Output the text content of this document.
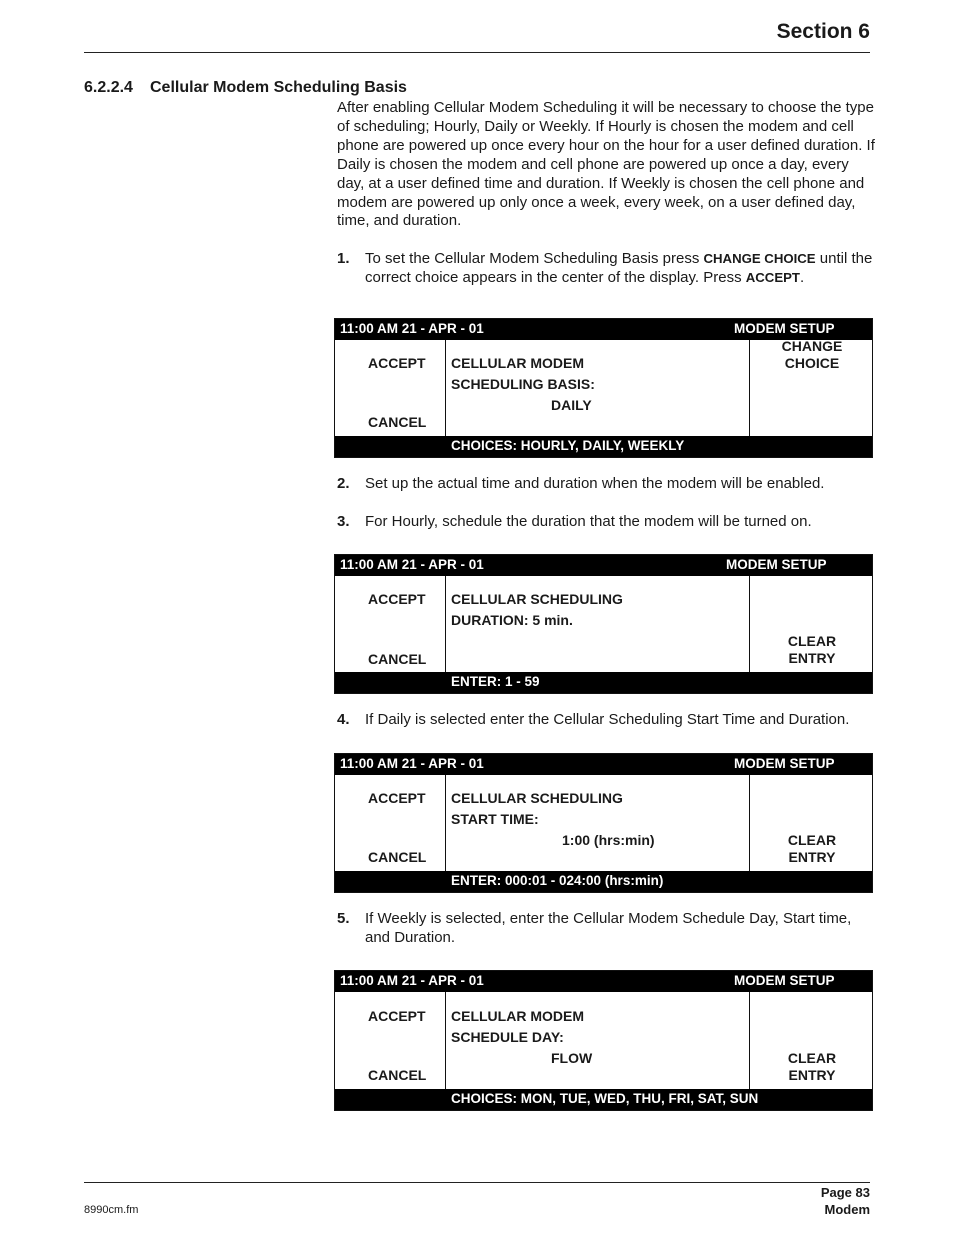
Section 6
6.2.2.4 Cellular Modem Scheduling Basis
After enabling Cellular Modem Scheduling it will be necessary to choose the type of scheduling; Hourly, Daily or Weekly. If Hourly is chosen the modem and cell phone are powered up once every hour on the hour for a user defined duration. If Daily is chosen the modem and cell phone are powered up once a day, every day, at a user defined time and duration. If Weekly is chosen the cell phone and modem are powered up only once a week, every week, on a user defined day, time, and duration.
1. To set the Cellular Modem Scheduling Basis press CHANGE CHOICE until the correct choice appears in the center of the display. Press ACCEPT.
11:00 AM 21 - APR - 01	MODEM SETUP
ACCEPT
CANCEL
CELLULAR MODEM
SCHEDULING BASIS:
DAILY
CHANGE
CHOICE
CHOICES: HOURLY, DAILY, WEEKLY
2. Set up the actual time and duration when the modem will be enabled.
3. For Hourly, schedule the duration that the modem will be turned on.
11:00 AM 21 - APR - 01	MODEM SETUP
ACCEPT
CANCEL
CELLULAR SCHEDULING
DURATION: 5 min.
CLEAR
ENTRY
ENTER: 1 - 59
4. If Daily is selected enter the Cellular Scheduling Start Time and Duration.
11:00 AM 21 - APR - 01	MODEM SETUP
ACCEPT
CANCEL
CELLULAR SCHEDULING
START TIME:
1:00 (hrs:min)	CLEAR
ENTRY
ENTER: 000:01 - 024:00 (hrs:min)
5. If Weekly is selected, enter the Cellular Modem Schedule Day, Start time, and Duration.
11:00 AM 21 - APR - 01	MODEM SETUP
ACCEPT
CANCEL
CELLULAR MODEM
SCHEDULE DAY:
FLOW	CLEAR
ENTRY
CHOICES: MON, TUE, WED, THU, FRI, SAT, SUN
8990cm.fm
Page 83
Modem
